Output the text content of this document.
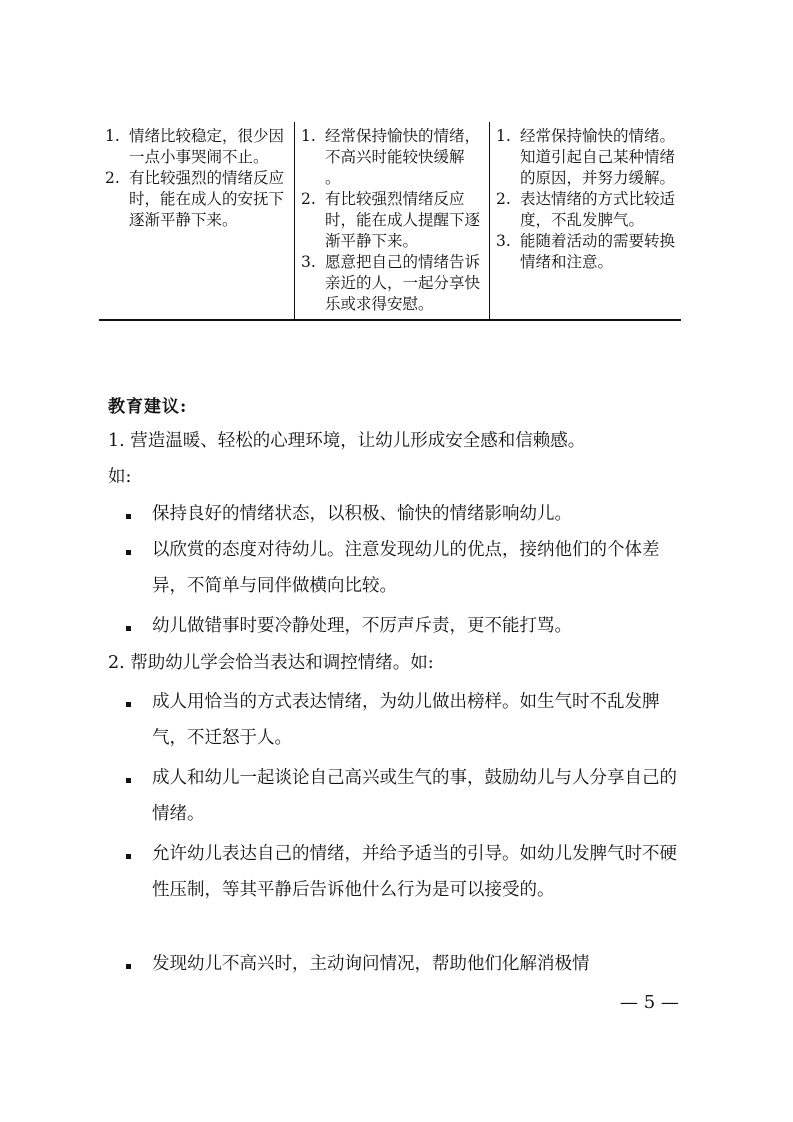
1. 情绪比较稳定，很少因一点小事哭闹不止。
2. 有比较强烈的情绪反应时，能在成人的安抚下逐渐平静下来。
1. 经常保持愉快的情绪，不高兴时能较快缓解 。
2. 有比较强烈情绪反应时，能在成人提醒下逐渐平静下来。
3. 愿意把自己的情绪告诉亲近的人，一起分享快乐或求得安慰。
1. 经常保持愉快的情绪。知道引起自己某种情绪的原因，并努力缓解。
2. 表达情绪的方式比较适度，不乱发脾气。
3. 能随着活动的需要转换情绪和注意。
教育建议:
1. 营造温暖、轻松的心理环境，让幼儿形成安全感和信赖感。
如:
保持良好的情绪状态，以积极、愉快的情绪影响幼儿。
以欣赏的态度对待幼儿。注意发现幼儿的优点，接纳他们的个体差异，不简单与同伴做横向比较。
幼儿做错事时要冷静处理，不厉声斥责，更不能打骂。
2. 帮助幼儿学会恰当表达和调控情绪。如:
成人用恰当的方式表达情绪，为幼儿做出榜样。如生气时不乱发脾气，不迁怒于人。
成人和幼儿一起谈论自己高兴或生气的事，鼓励幼儿与人分享自己的情绪。
允许幼儿表达自己的情绪，并给予适当的引导。如幼儿发脾气时不硬性压制，等其平静后告诉他什么行为是可以接受的。
发现幼儿不高兴时，主动询问情况，帮助他们化解消极情
— 5 —
